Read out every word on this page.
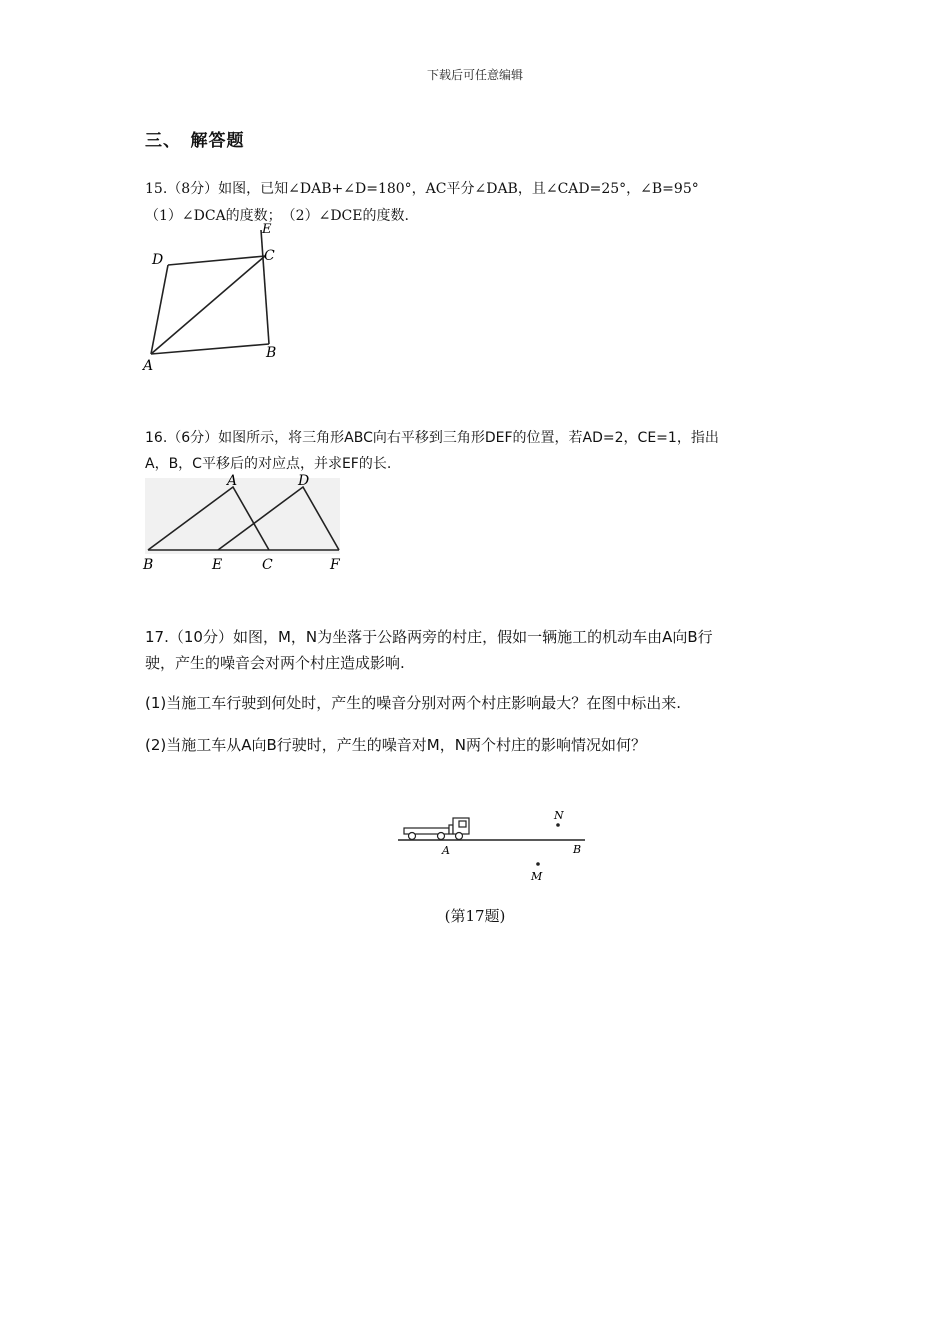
下载后可任意编辑
三、　解答题
15.（8分）如图，已知∠DAB+∠D=180°，AC平分∠DAB，且∠CAD=25°，∠B=95°
（1）∠DCA的度数；　（2）∠DCE的度数.
D
E
C
A
B
16.（6分）如图所示，将三角形ABC向右平移到三角形DEF的位置，若AD=2，CE=1，指出
A，B，C平移后的对应点，并求EF的长.
A	D
B	E	C	F
17.（10分）如图，M，N为坐落于公路两旁的村庄，假如一辆施工的机动车由A向B行
驶，产生的噪音会对两个村庄造成影响.
(1)当施工车行驶到何处时，产生的噪音分别对两个村庄影响最大？在图中标出来.
(2)当施工车从A向B行驶时，产生的噪音对M，N两个村庄的影响情况如何？
N
A	B
M
(第17题)
